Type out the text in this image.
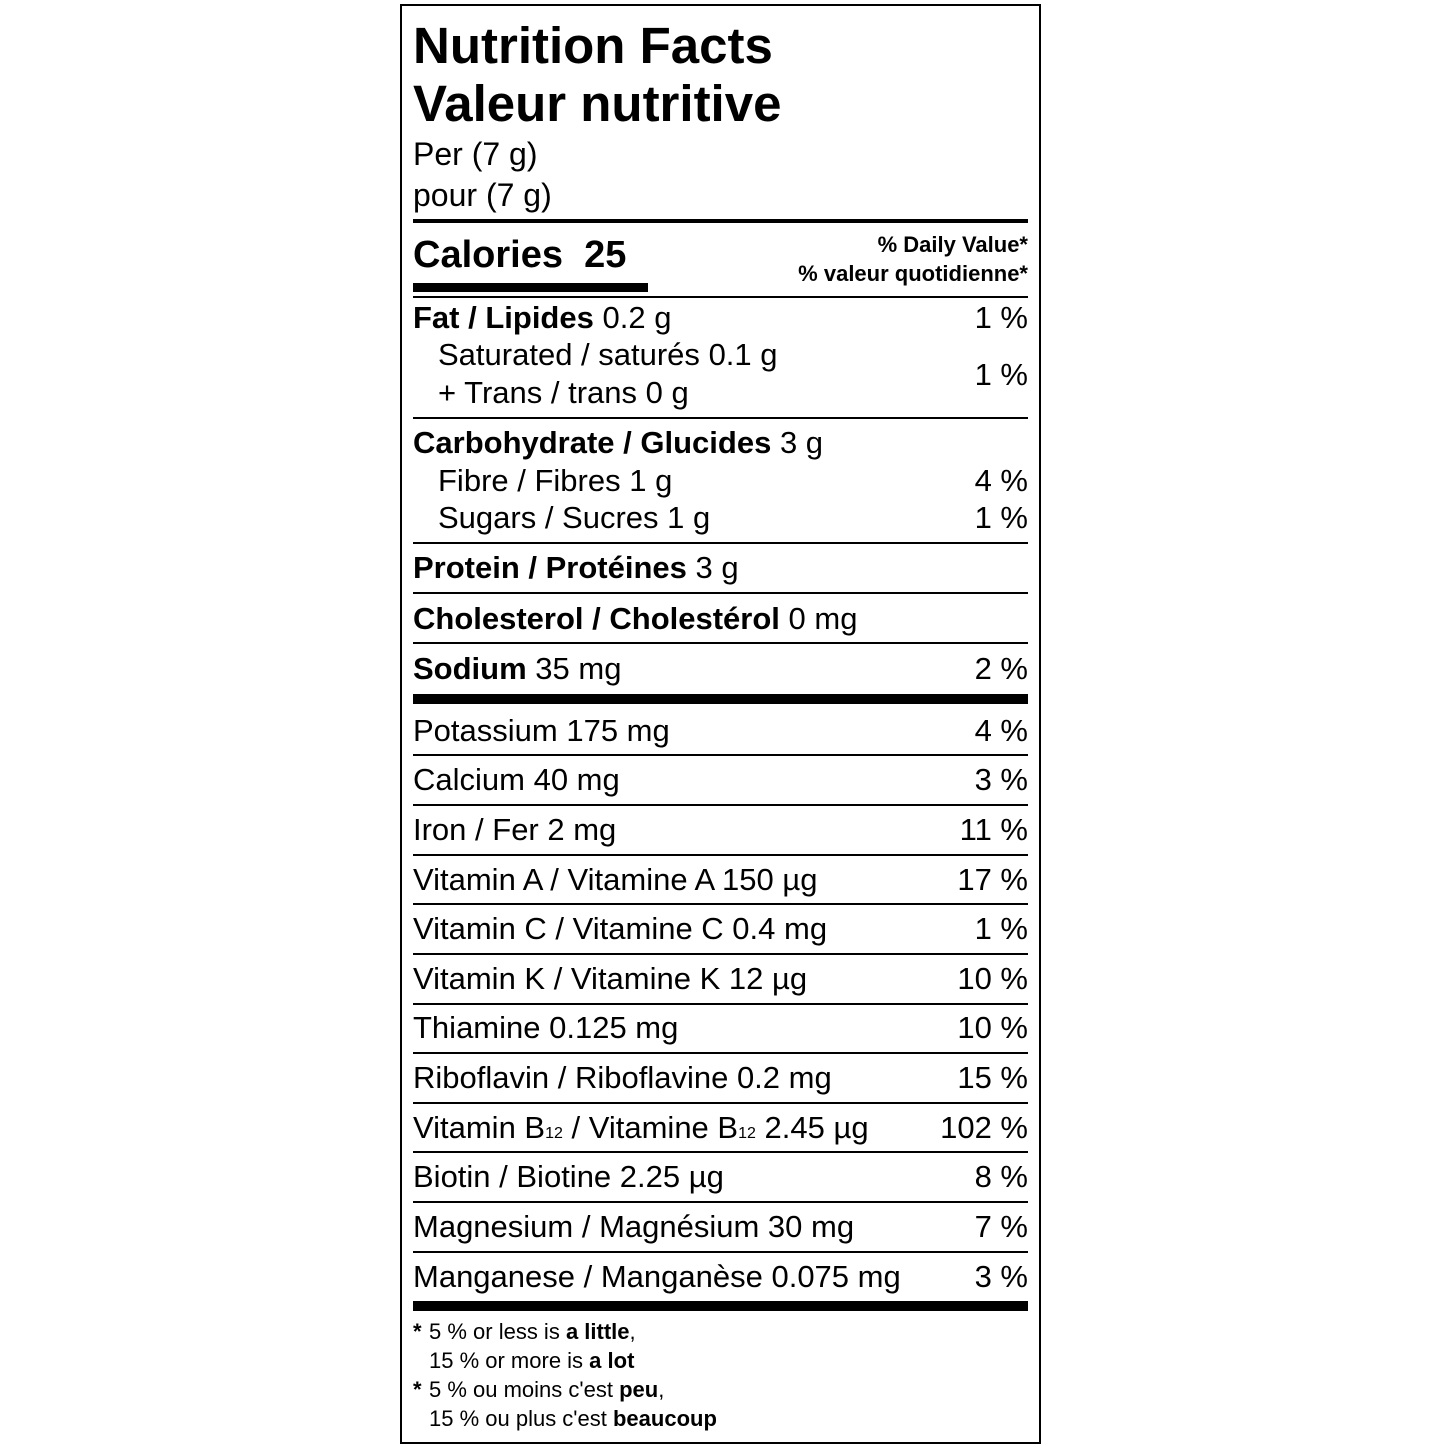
Nutrition Facts
Valeur nutritive
Per (7 g)
pour (7 g)
Calories 25	% Daily Value*
% valeur quotidienne*
Fat / Lipides 0.2 g	1 %
Saturated / saturés 0.1 g
+ Trans / trans 0 g
1 %
Carbohydrate / Glucides 3 g
Fibre / Fibres 1 g	4 %
Sugars / Sucres 1 g	1 %
Protein / Protéines 3 g
Cholesterol / Cholestérol 0 mg
Sodium 35 mg	2 %
Potassium 175 mg	4 %
Calcium 40 mg	3 %
Iron / Fer 2 mg	11 %
Vitamin A / Vitamine A 150 µg	17 %
Vitamin C / Vitamine C 0.4 mg	1 %
Vitamin K / Vitamine K 12 µg	10 %
Thiamine 0.125 mg	10 %
Riboflavin / Riboflavine 0.2 mg	15 %
Vitamin B12 / Vitamine B12 2.45 µg 102 %
Biotin / Biotine 2.25 µg	8 %
Magnesium / Magnésium 30 mg	7 %
Manganese / Manganèse 0.075 mg 3 %
* 5 % or less is a little,
15 % or more is a lot
* 5 % ou moins c'est peu,
15 % ou plus c'est beaucoup
